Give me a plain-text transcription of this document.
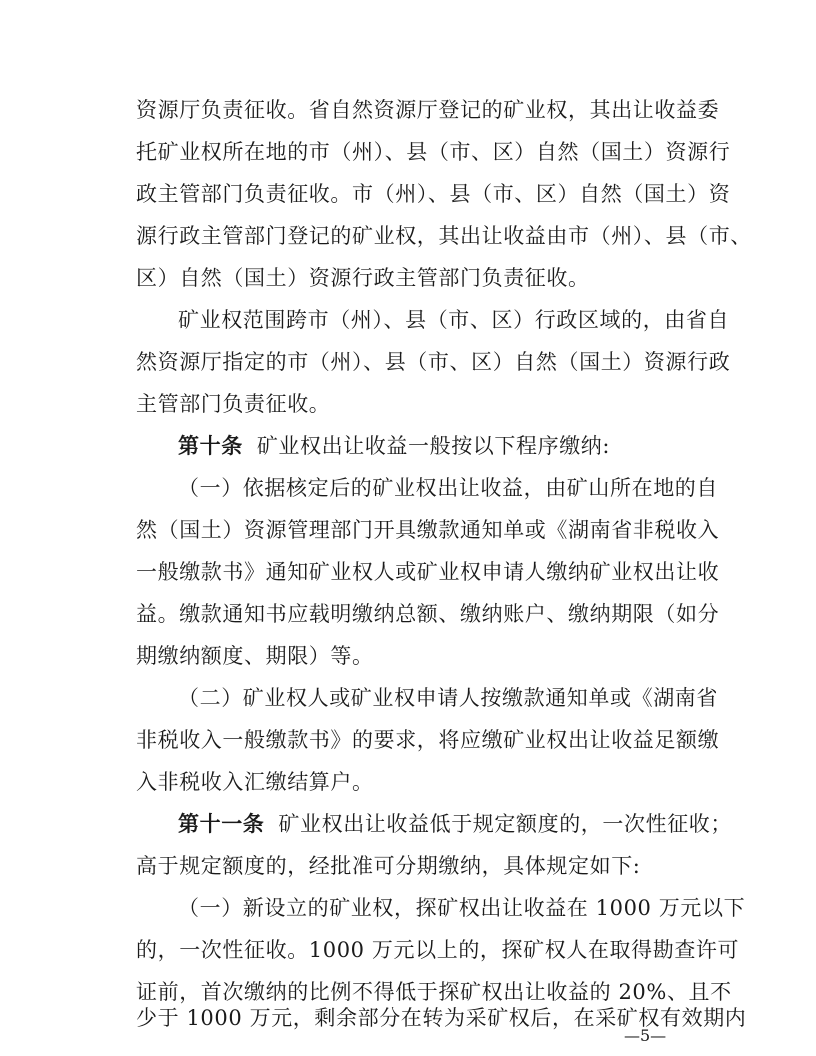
资源厅负责征收。省自然资源厅登记的矿业权，其出让收益委
托矿业权所在地的市（州）、县（市、区）自然（国土）资源行
政主管部门负责征收。市（州）、县（市、区）自然（国土）资
源行政主管部门登记的矿业权，其出让收益由市（州）、县（市、
区）自然（国土）资源行政主管部门负责征收。
矿业权范围跨市（州）、县（市、区）行政区域的，由省自
然资源厅指定的市（州）、县（市、区）自然（国土）资源行政
主管部门负责征收。
第十条 矿业权出让收益一般按以下程序缴纳:
（一）依据核定后的矿业权出让收益，由矿山所在地的自
然（国土）资源管理部门开具缴款通知单或《湖南省非税收入
一般缴款书》通知矿业权人或矿业权申请人缴纳矿业权出让收
益。缴款通知书应载明缴纳总额、缴纳账户、缴纳期限（如分
期缴纳额度、期限）等。
（二）矿业权人或矿业权申请人按缴款通知单或《湖南省
非税收入一般缴款书》的要求，将应缴矿业权出让收益足额缴
入非税收入汇缴结算户。
第十一条 矿业权出让收益低于规定额度的，一次性征收；
高于规定额度的，经批准可分期缴纳，具体规定如下:
（一）新设立的矿业权，探矿权出让收益在 1000 万元以下
的，一次性征收。1000 万元以上的，探矿权人在取得勘查许可
证前，首次缴纳的比例不得低于探矿权出让收益的 20%、且不
少于 1000 万元，剩余部分在转为采矿权后，在采矿权有效期内
—5—
